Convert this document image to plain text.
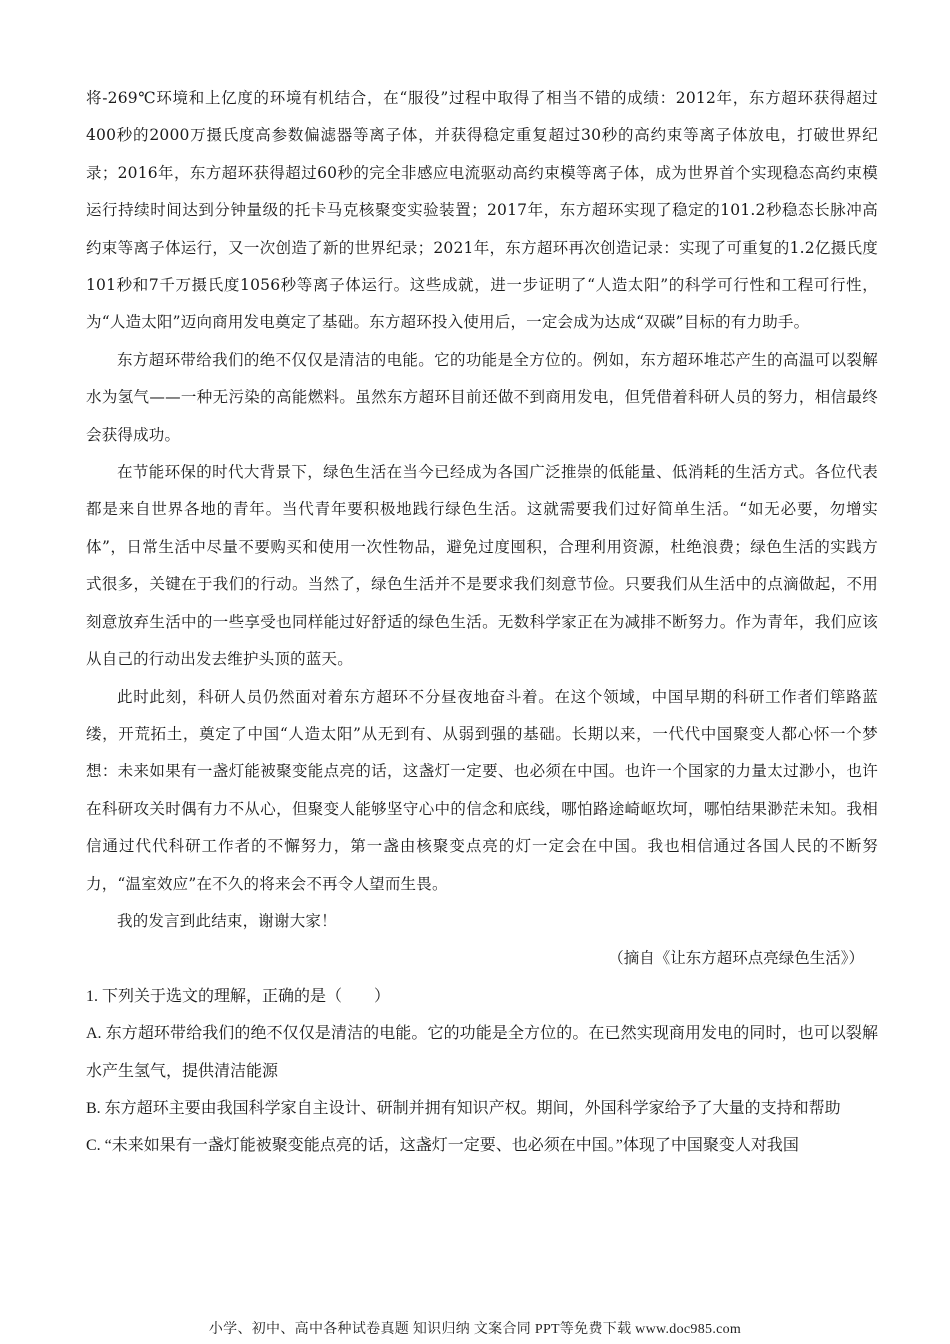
将-269℃环境和上亿度的环境有机结合，在“服役”过程中取得了相当不错的成绩：2012年，东方超环获得超过400秒的2000万摄氏度高参数偏滤器等离子体，并获得稳定重复超过30秒的高约束等离子体放电，打破世界纪录；2016年，东方超环获得超过60秒的完全非感应电流驱动高约束模等离子体，成为世界首个实现稳态高约束模运行持续时间达到分钟量级的托卡马克核聚变实验装置；2017年，东方超环实现了稳定的101.2秒稳态长脉冲高约束等离子体运行，又一次创造了新的世界纪录；2021年，东方超环再次创造记录：实现了可重复的1.2亿摄氏度101秒和7千万摄氏度1056秒等离子体运行。这些成就，进一步证明了“人造太阳”的科学可行性和工程可行性，为“人造太阳”迈向商用发电奠定了基础。东方超环投入使用后，一定会成为达成“双碳”目标的有力助手。

东方超环带给我们的绝不仅仅是清洁的电能。它的功能是全方位的。例如，东方超环堆芯产生的高温可以裂解水为氢气——一种无污染的高能燃料。虽然东方超环目前还做不到商用发电，但凭借着科研人员的努力，相信最终会获得成功。

在节能环保的时代大背景下，绿色生活在当今已经成为各国广泛推崇的低能量、低消耗的生活方式。各位代表都是来自世界各地的青年。当代青年要积极地践行绿色生活。这就需要我们过好简单生活。“如无必要，勿增实体”，日常生活中尽量不要购买和使用一次性物品，避免过度囤积，合理利用资源，杜绝浪费；绿色生活的实践方式很多，关键在于我们的行动。当然了，绿色生活并不是要求我们刻意节俭。只要我们从生活中的点滴做起，不用刻意放弃生活中的一些享受也同样能过好舒适的绿色生活。无数科学家正在为减排不断努力。作为青年，我们应该从自己的行动出发去维护头顶的蓝天。

此时此刻，科研人员仍然面对着东方超环不分昼夜地奋斗着。在这个领域，中国早期的科研工作者们筚路蓝缕，开荒拓土，奠定了中国“人造太阳”从无到有、从弱到强的基础。长期以来，一代代中国聚变人都心怀一个梦想：未来如果有一盏灯能被聚变能点亮的话，这盏灯一定要、也必须在中国。也许一个国家的力量太过渺小，也许在科研攻关时偶有力不从心，但聚变人能够坚守心中的信念和底线，哪怕路途崎岖坎坷，哪怕结果渺茫未知。我相信通过代代科研工作者的不懈努力，第一盏由核聚变点亮的灯一定会在中国。我也相信通过各国人民的不断努力，“温室效应”在不久的将来会不再令人望而生畏。

我的发言到此结束，谢谢大家！

（摘自《让东方超环点亮绿色生活》）

1. 下列关于选文的理解，正确的是（　　）

A. 东方超环带给我们的绝不仅仅是清洁的电能。它的功能是全方位的。在已然实现商用发电的同时，也可以裂解水产生氢气，提供清洁能源

B. 东方超环主要由我国科学家自主设计、研制并拥有知识产权。期间，外国科学家给予了大量的支持和帮助

C. “未来如果有一盏灯能被聚变能点亮的话，这盏灯一定要、也必须在中国。”体现了中国聚变人对我国

小学、初中、高中各种试卷真题 知识归纳 文案合同 PPT等免费下载 www.doc985.com
